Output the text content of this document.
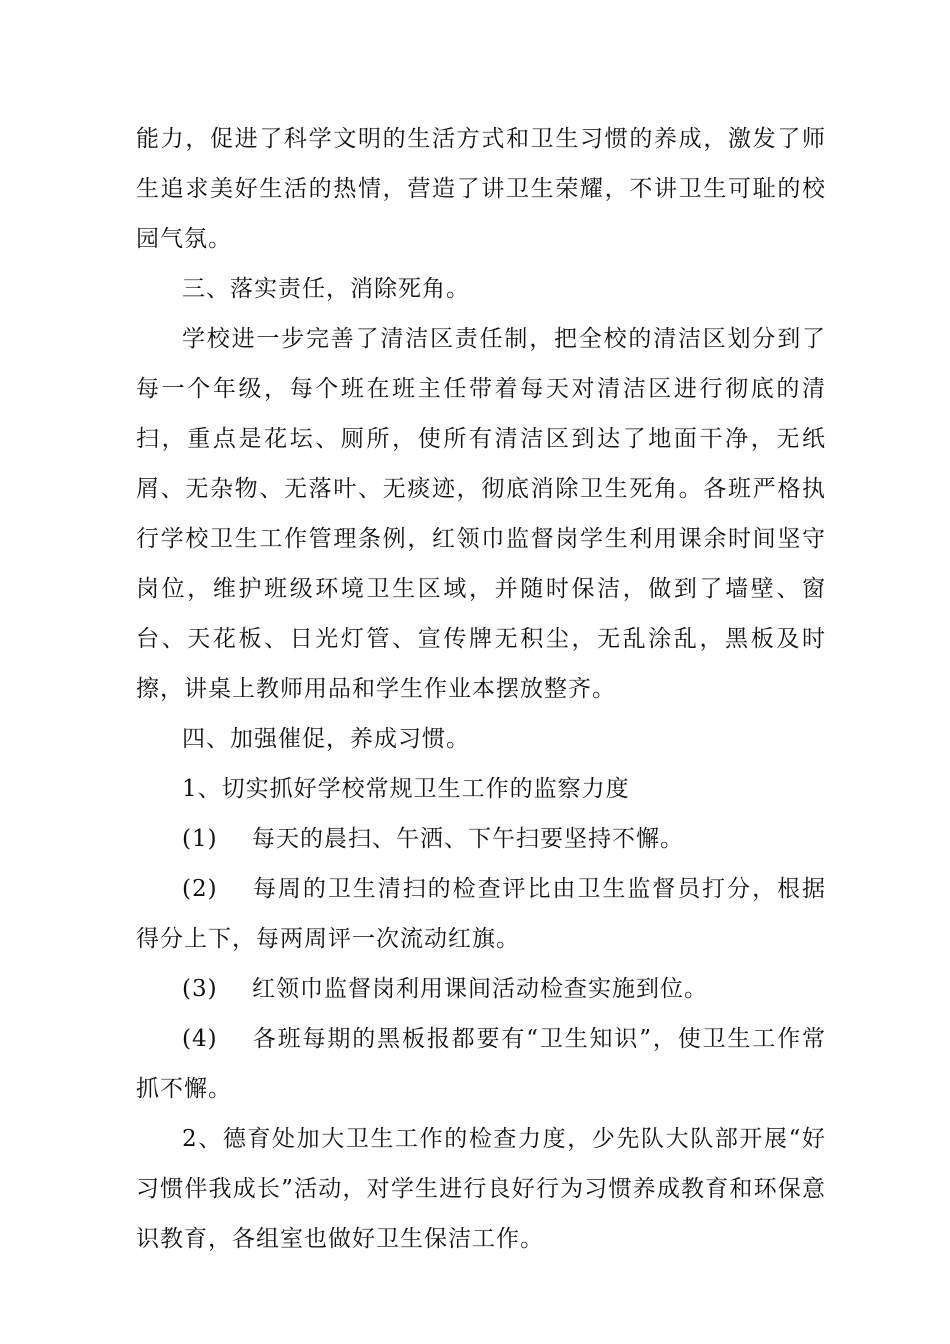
能力，促进了科学文明的生活方式和卫生习惯的养成，激发了师生追求美好生活的热情，营造了讲卫生荣耀，不讲卫生可耻的校园气氛。

三、落实责任，消除死角。

学校进一步完善了清洁区责任制，把全校的清洁区划分到了每一个年级，每个班在班主任带着每天对清洁区进行彻底的清扫，重点是花坛、厕所，使所有清洁区到达了地面干净，无纸屑、无杂物、无落叶、无痰迹，彻底消除卫生死角。各班严格执行学校卫生工作管理条例，红领巾监督岗学生利用课余时间坚守岗位，维护班级环境卫生区域，并随时保洁，做到了墙壁、窗台、天花板、日光灯管、宣传牌无积尘，无乱涂乱，黑板及时擦，讲桌上教师用品和学生作业本摆放整齐。

四、加强催促，养成习惯。

1、切实抓好学校常规卫生工作的监察力度

(1) 每天的晨扫、午洒、下午扫要坚持不懈。

(2) 每周的卫生清扫的检查评比由卫生监督员打分，根据得分上下，每两周评一次流动红旗。

(3) 红领巾监督岗利用课间活动检查实施到位。

(4) 各班每期的黑板报都要有“卫生知识”，使卫生工作常抓不懈。

2、德育处加大卫生工作的检查力度，少先队大队部开展“好习惯伴我成长”活动，对学生进行良好行为习惯养成教育和环保意识教育，各组室也做好卫生保洁工作。
